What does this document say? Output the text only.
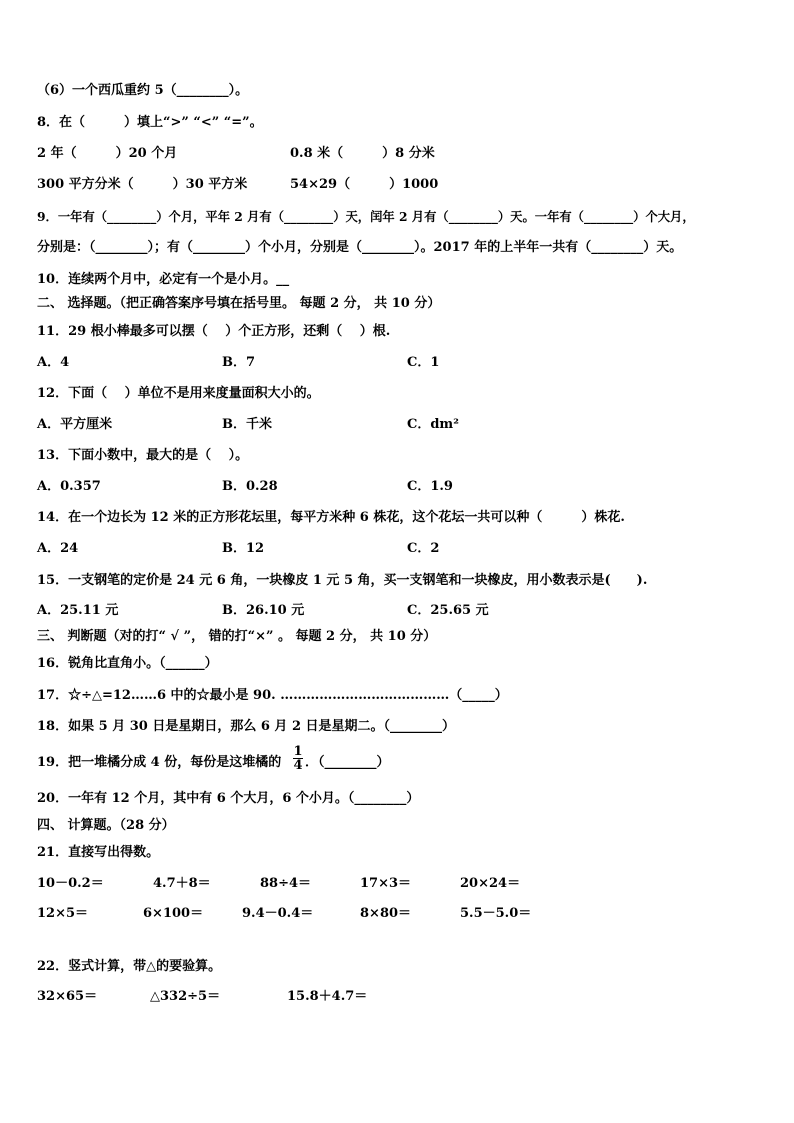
（6）一个西瓜重约 5（________）。
8．在（　　　）填上“>” “<” “=”。
2 年（　　　）20 个月	0.8 米（　　　）8 分米
300 平方分米（　　　）30 平方米	54×29（　　　）1000
9．一年有（________）个月，平年 2 月有（________）天，闰年 2 月有（________）天。一年有（________）个大月，
分别是：（________）；有（________）个小月，分别是（________）。2017 年的上半年一共有（________）天。
10．连续两个月中，必定有一个是小月。__
二、 选择题。（把正确答案序号填在括号里。 每题 2 分， 共 10 分）
11．29 根小棒最多可以摆（　 ）个正方形，还剩（　 ）根.
A．4	B．7	C．1
12．下面（　 ）单位不是用来度量面积大小的。
A．平方厘米	B．千米	C．dm²
13．下面小数中，最大的是（　 ）。
A．0.357	B．0.28	C．1.9
14．在一个边长为 12 米的正方形花坛里，每平方米种 6 株花，这个花坛一共可以种（　　　）株花.
A．24	B．12	C．2
15．一支钢笔的定价是 24 元 6 角，一块橡皮 1 元 5 角，买一支钢笔和一块橡皮，用小数表示是(　　).
A．25.11 元	B．26.10 元	C．25.65 元
三、 判断题（对的打“ √ ”， 错的打“×” 。 每题 2 分， 共 10 分）
16．锐角比直角小。（______）
17．☆÷△=12……6 中的☆最小是 90. …………………………………（_____）
18．如果 5 月 30 日是星期日，那么 6 月 2 日是星期二。（________）
19．把一堆橘分成 4 份，每份是这堆橘的 $\frac{1}{4}$ ．（________）
20．一年有 12 个月，其中有 6 个大月，6 个小月。（________）
四、 计算题。（28 分）
21．直接写出得数。
10－0.2＝	4.7＋8＝	88÷4＝	17×3＝	20×24＝
12×5＝	6×100＝	9.4－0.4＝	8×80＝	5.5－5.0＝
22．竖式计算，带△的要验算。
32×65＝	△332÷5＝	15.8＋4.7＝
